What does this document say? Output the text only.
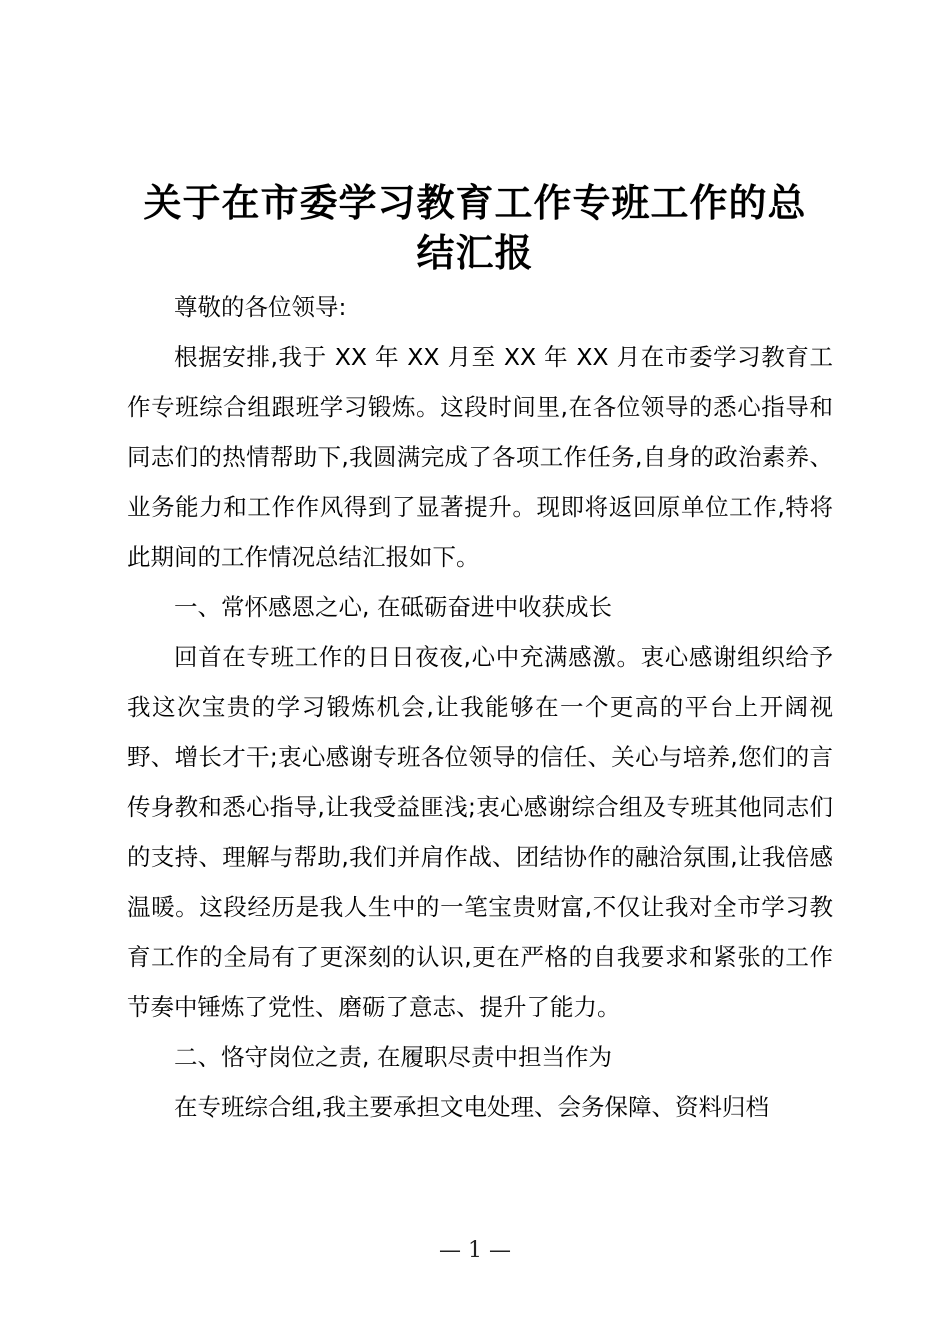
关于在市委学习教育工作专班工作的总
结汇报

尊敬的各位领导:

根据安排,我于 XX 年 XX 月至 XX 年 XX 月在市委学习教育工作专班综合组跟班学习锻炼。这段时间里,在各位领导的悉心指导和同志们的热情帮助下,我圆满完成了各项工作任务,自身的政治素养、业务能力和工作作风得到了显著提升。现即将返回原单位工作,特将此期间的工作情况总结汇报如下。

一、常怀感恩之心, 在砥砺奋进中收获成长

回首在专班工作的日日夜夜,心中充满感激。衷心感谢组织给予我这次宝贵的学习锻炼机会,让我能够在一个更高的平台上开阔视野、增长才干;衷心感谢专班各位领导的信任、关心与培养,您们的言传身教和悉心指导,让我受益匪浅;衷心感谢综合组及专班其他同志们的支持、理解与帮助,我们并肩作战、团结协作的融洽氛围,让我倍感温暖。这段经历是我人生中的一笔宝贵财富,不仅让我对全市学习教育工作的全局有了更深刻的认识,更在严格的自我要求和紧张的工作节奏中锤炼了党性、磨砺了意志、提升了能力。

二、恪守岗位之责, 在履职尽责中担当作为

在专班综合组,我主要承担文电处理、会务保障、资料归档

— 1 —
